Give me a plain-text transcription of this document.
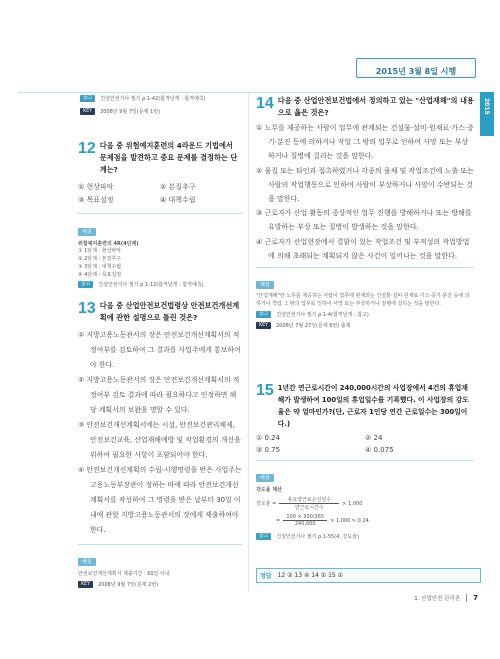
2015년 3월 8일 시행
2015
참고 건설안전기사 필기 p.1-42(합격날개 : 합격예측)
KEY 2008년 9월 7일(문제 1번)
12 다음 중 위험예지훈련의 4라운드 기법에서 문제점을 발견하고 중요 문제를 결정하는 단계는?
① 현상파악	② 본질추구
③ 목표설정	④ 대책수립
해설
위험예지훈련의 4R(4단계)
① 1단계 : 현상파악
② 2단계 : 본질추구
③ 3단계 : 대책수립
④ 4단계 : 목표설정
참고 건설안전기사 필기 p.1-12(합격날개 : 합격예측)
13 다음 중 산업안전보건법령상 안전보건개선계획에 관한 설명으로 틀린 것은?
① 지방고용노동관서의 장은 안전보건개선계획서의 적정여부를 검토하여 그 결과를 사업주에게 통보하여야 한다.
② 지방고용노동관서의 장은 안전보건개선계획서의 적정여부 검토 결과에 따라 필요하다고 인정하면 해당 계획서의 보완을 명할 수 있다.
③ 안전보건개선계획서에는 시설, 안전보건관리체제, 안전보건교육, 산업재해예방 및 작업환경의 개선을 위하여 필요한 사항이 포함되어야 한다.
④ 안전보건개선계획의 수립·시행명령을 받은 사업주는 고용노동부장관이 정하는 바에 따라 안전보건개선계획서를 작성하여 그 명령을 받은 날부터 30일 이내에 관할 지방고용노동관서의 장에게 제출하여야 한다.
해설
안전보건개선계획서 제출기간 : 60일 이내
KEY 2008년 9월 7일(문제 2번)
14 다음 중 산업안전보건법에서 정의하고 있는 "산업재해"의 내용으로 옳은 것은?
① 노무를 제공하는 사람이 업무에 관계되는 건설물·설비·원재료·가스·증기·분진 등에 의하거나 작업 그 밖의 업무로 인하여 사망 또는 부상하거나 질병에 걸리는 것을 말한다.
② 물질 또는 타인과 접촉하였거나 각종의 물체 및 작업조건에 노출 또는 사람의 작업행동으로 인하여 사람이 부상하거나 사망이 수반되는 것을 말한다.
③ 근로자가 산업 활동의 중상적인 업무 진행을 방해하거나 또는 방해를 유발하는 부상 또는 질병이 발생하는 것을 말한다.
④ 근로자가 산업현장에서 결함이 있는 작업조건 및 부적성의 작업방법에 의해 초래되는 계획되지 않은 사건이 일어나는 것을 말한다.
해설
"산업재해"란 노무를 제공하는 사람이 업무에 관계되는 건설물·설비·원재료·가스·증기·분진 등에 의하거나 작업 그 밖의 업무로 인하여 사망 또는 부상하거나 질병에 걸리는 것을 말한다.
참고 건설안전기사 필기 p.1-4(합격날개 : 참고)
KEY 2008년 7월 27일(문제 6번) 출제
15 1년간 연근로시간이 240,000시간의 사업장에서 4건의 휴업재해가 발생하여 100일의 휴업일수를 기록했다. 이 사업장의 강도율은 약 얼마인가?(단, 근로자 1인당 연간 근로일수는 300일이다.)
① 0.24	② 24
③ 0.75	④ 0.075
해설
강도율 계산
강도율 =
총요양근로손실일수
연근로시간수
× 1,000
=
100 × 300/365
240,000
× 1,000 ≒ 0.24
참고 건설안전기사 필기 p.1-55(4. 강도율)
정답 12 ② 13 ④ 14 ① 15 ①
1. 산업안전 관리론 7
